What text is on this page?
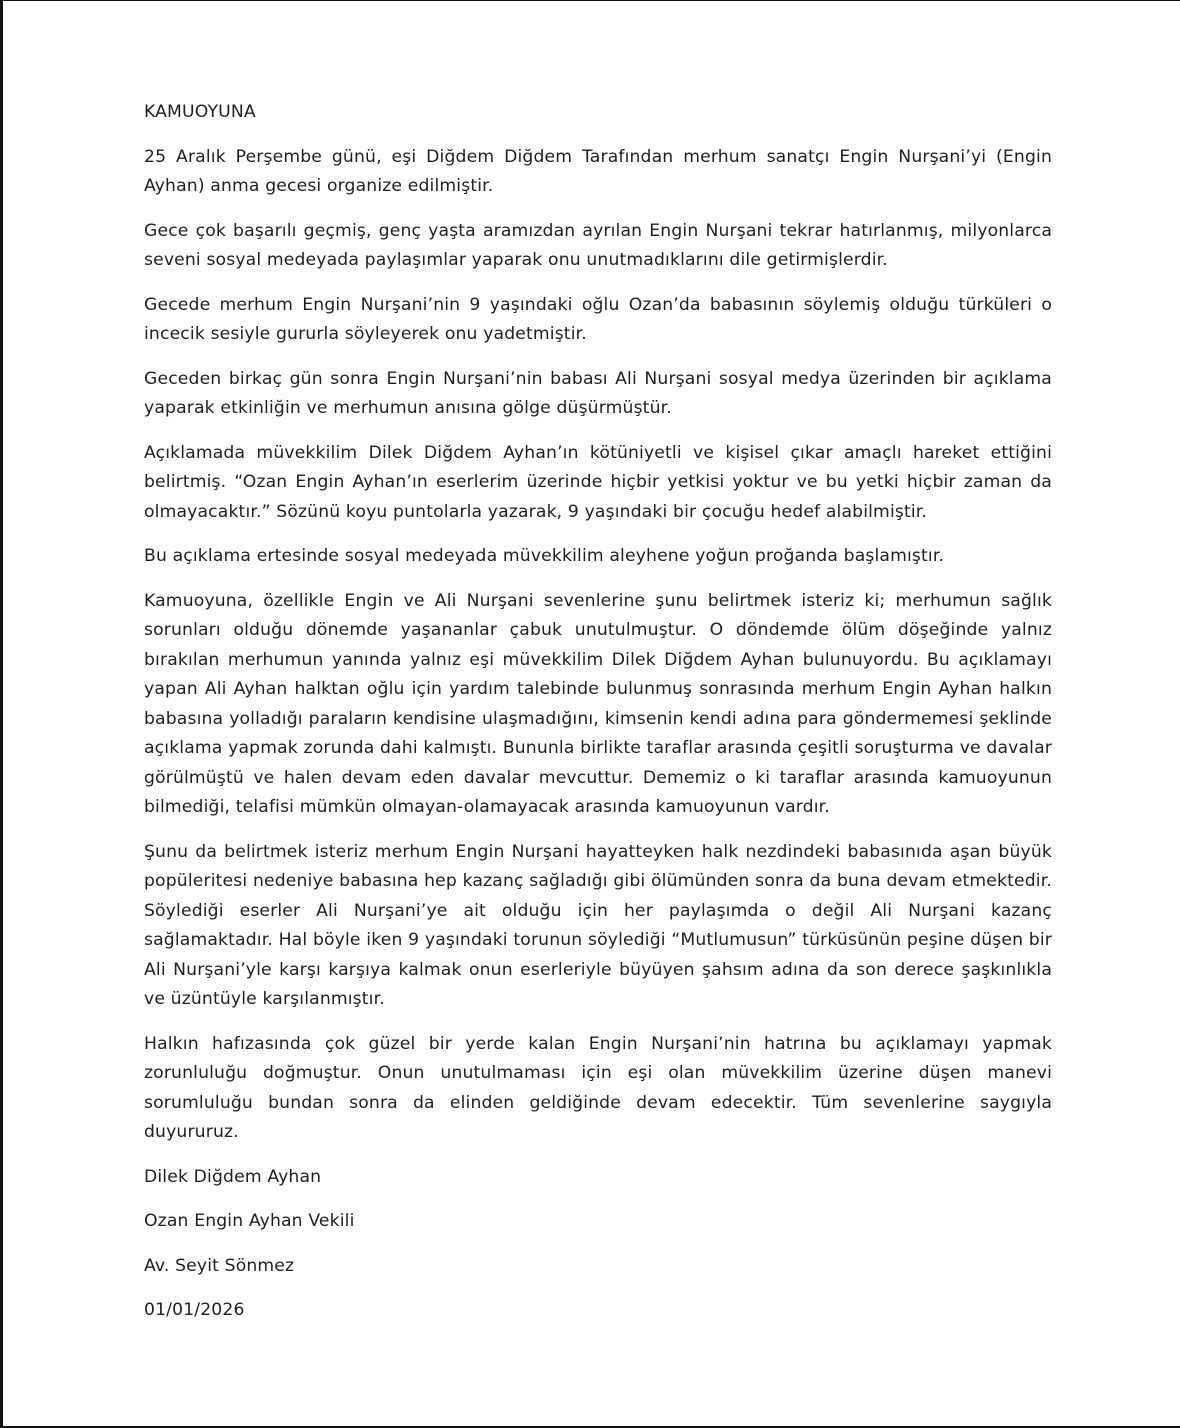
KAMUOYUNA

25 Aralık Perşembe günü, eşi Diğdem Diğdem Tarafından merhum sanatçı Engin Nurşani’yi (Engin Ayhan) anma gecesi organize edilmiştir.

Gece çok başarılı geçmiş, genç yaşta aramızdan ayrılan Engin Nurşani tekrar hatırlanmış, milyonlarca seveni sosyal medeyada paylaşımlar yaparak onu unutmadıklarını dile getirmişlerdir.

Gecede merhum Engin Nurşani’nin 9 yaşındaki oğlu Ozan’da babasının söylemiş olduğu türküleri o incecik sesiyle gururla söyleyerek onu yadetmiştir.

Geceden birkaç gün sonra Engin Nurşani’nin babası Ali Nurşani sosyal medya üzerinden bir açıklama yaparak etkinliğin ve merhumun anısına gölge düşürmüştür.

Açıklamada müvekkilim Dilek Diğdem Ayhan’ın kötüniyetli ve kişisel çıkar amaçlı hareket ettiğini belirtmiş. “Ozan Engin Ayhan’ın eserlerim üzerinde hiçbir yetkisi yoktur ve bu yetki hiçbir zaman da olmayacaktır.” Sözünü koyu puntolarla yazarak, 9 yaşındaki bir çocuğu hedef alabilmiştir.

Bu açıklama ertesinde sosyal medeyada müvekkilim aleyhene yoğun proğanda başlamıştır.

Kamuoyuna, özellikle Engin ve Ali Nurşani sevenlerine şunu belirtmek isteriz ki; merhumun sağlık sorunları olduğu dönemde yaşananlar çabuk unutulmuştur. O döndemde ölüm döşeğinde yalnız bırakılan merhumun yanında yalnız eşi müvekkilim Dilek Diğdem Ayhan bulunuyordu. Bu açıklamayı yapan Ali Ayhan halktan oğlu için yardım talebinde bulunmuş sonrasında merhum Engin Ayhan halkın babasına yolladığı paraların kendisine ulaşmadığını, kimsenin kendi adına para göndermemesi şeklinde açıklama yapmak zorunda dahi kalmıştı. Bununla birlikte taraflar arasında çeşitli soruşturma ve davalar görülmüştü ve halen devam eden davalar mevcuttur. Dememiz o ki taraflar arasında kamuoyunun bilmediği, telafisi mümkün olmayan-olamayacak arasında kamuoyunun vardır.

Şunu da belirtmek isteriz merhum Engin Nurşani hayatteyken halk nezdindeki babasınıda aşan büyük popüleritesi nedeniye babasına hep kazanç sağladığı gibi ölümünden sonra da buna devam etmektedir. Söylediği eserler Ali Nurşani’ye ait olduğu için her paylaşımda o değil Ali Nurşani kazanç sağlamaktadır. Hal böyle iken 9 yaşındaki torunun söylediği “Mutlumusun” türküsünün peşine düşen bir Ali Nurşani’yle karşı karşıya kalmak onun eserleriyle büyüyen şahsım adına da son derece şaşkınlıkla ve üzüntüyle karşılanmıştır.

Halkın hafızasında çok güzel bir yerde kalan Engin Nurşani’nin hatrına bu açıklamayı yapmak zorunluluğu doğmuştur. Onun unutulmaması için eşi olan müvekkilim üzerine düşen manevi sorumluluğu bundan sonra da elinden geldiğinde devam edecektir. Tüm sevenlerine saygıyla duyururuz.

Dilek Diğdem Ayhan

Ozan Engin Ayhan Vekili

Av. Seyit Sönmez

01/01/2026
